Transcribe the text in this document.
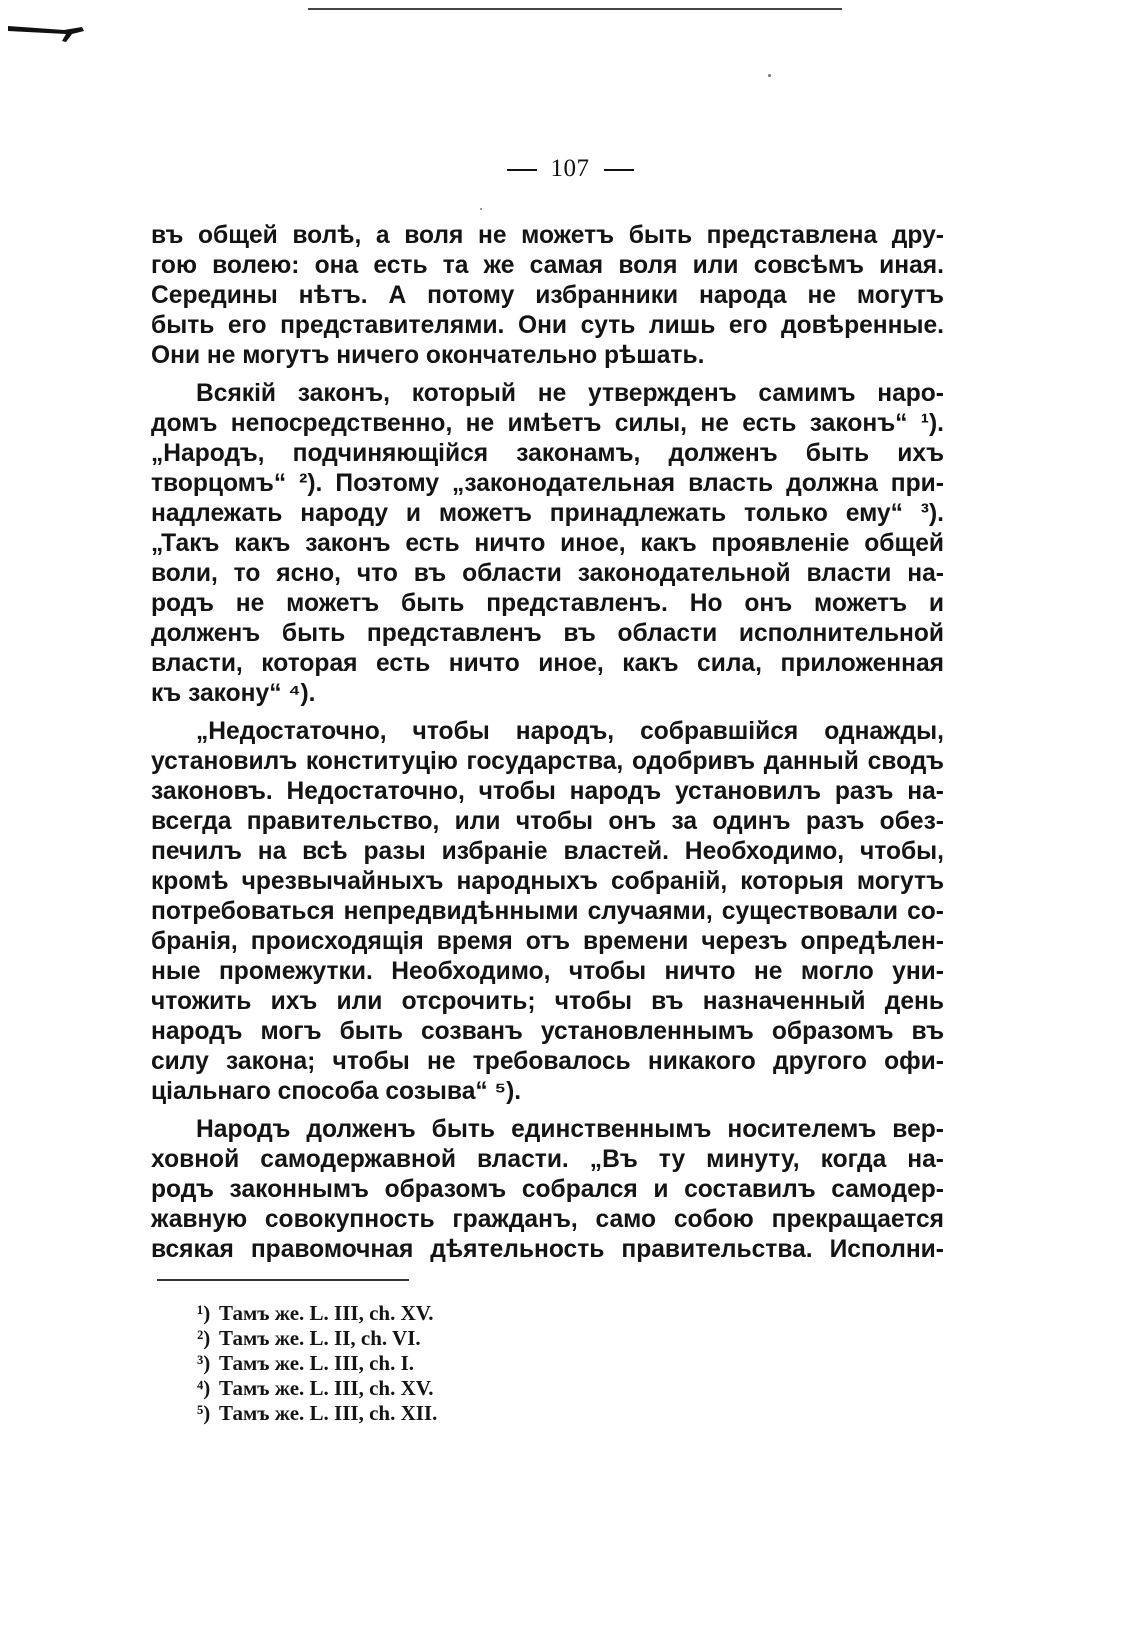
107
въ общей волѣ, а воля не можетъ быть представлена дру-
гою волею: она есть та же самая воля или совсѣмъ иная.
Середины нѣтъ. А потому избранники народа не могутъ
быть его представителями. Они суть лишь его довѣренные.
Они не могутъ ничего окончательно рѣшать.
Всякій законъ, который не утвержденъ самимъ наро-
домъ непосредственно, не имѣетъ силы, не есть законъ“ ¹).
„Народъ, подчиняющійся законамъ, долженъ быть ихъ
творцомъ“ ²). Поэтому „законодательная власть должна при-
надлежать народу и можетъ принадлежать только ему“ ³).
„Такъ какъ законъ есть ничто иное, какъ проявленіе общей
воли, то ясно, что въ области законодательной власти на-
родъ не можетъ быть представленъ. Но онъ можетъ и
долженъ быть представленъ въ области исполнительной
власти, которая есть ничто иное, какъ сила, приложенная
къ закону“ ⁴).
„Недостаточно, чтобы народъ, собравшійся однажды,
установилъ конституцію государства, одобривъ данный сводъ
законовъ. Недостаточно, чтобы народъ установилъ разъ на-
всегда правительство, или чтобы онъ за одинъ разъ обез-
печилъ на всѣ разы избраніе властей. Необходимо, чтобы,
кромѣ чрезвычайныхъ народныхъ собраній, которыя могутъ
потребоваться непредвидѣнными случаями, существовали со-
бранія, происходящія время отъ времени черезъ опредѣлен-
ные промежутки. Необходимо, чтобы ничто не могло уни-
чтожить ихъ или отсрочить; чтобы въ назначенный день
народъ могъ быть созванъ установленнымъ образомъ въ
силу закона; чтобы не требовалось никакого другого офи-
ціальнаго способа созыва“ ⁵).
Народъ долженъ быть единственнымъ носителемъ вер-
ховной самодержавной власти. „Въ ту минуту, когда на-
родъ законнымъ образомъ собрался и составилъ самодер-
жавную совокупность гражданъ, само собою прекращается
всякая правомочная дѣятельность правительства. Исполни-
¹) Тамъ же. L. III, ch. XV.
²) Тамъ же. L. II, ch. VI.
³) Тамъ же. L. III, ch. I.
⁴) Тамъ же. L. III, ch. XV.
⁵) Тамъ же. L. III, ch. XII.
